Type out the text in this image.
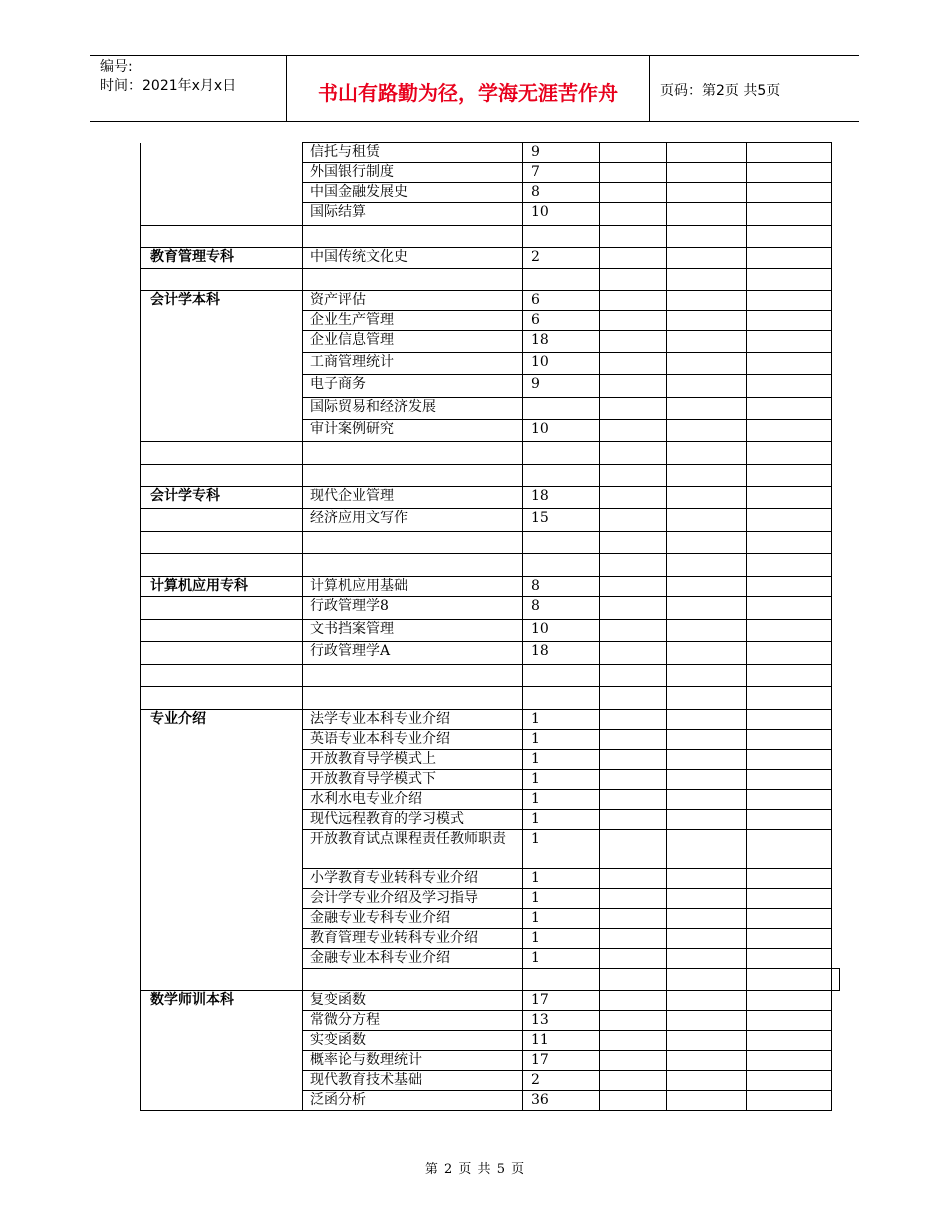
编号:
时间：2021年x月x日	书山有路勤为径，学海无涯苦作舟	页码：第2页 共5页
	信托与租赁	9				
	外国银行制度	7				
	中国金融发展史	8				
	国际结算	10				

教育管理专科	中国传统文化史	2				

会计学本科	资产评估	6				
	企业生产管理	6				
	企业信息管理	18				
	工商管理统计	10				
	电子商务	9				
	国际贸易和经济发展					
	审计案例研究	10				

会计学专科	现代企业管理	18				
	经济应用文写作	15				

计算机应用专科	计算机应用基础	8				
	行政管理学8	8				
	文书挡案管理	10				
	行政管理学A	18				

专业介绍	法学专业本科专业介绍	1				
	英语专业本科专业介绍	1				
	开放教育导学模式上	1				
	开放教育导学模式下	1				
	水利水电专业介绍	1				
	现代远程教育的学习模式	1				
	开放教育试点课程责任教师职责	1				
	小学教育专业转科专业介绍	1				
	会计学专业介绍及学习指导	1				
	金融专业专科专业介绍	1				
	教育管理专业转科专业介绍	1				
	金融专业本科专业介绍	1				

数学师训本科	复变函数	17				
	常微分方程	13				
	实变函数	11				
	概率论与数理统计	17				
	现代教育技术基础	2				
	泛函分析	36				
第 2 页 共 5 页
